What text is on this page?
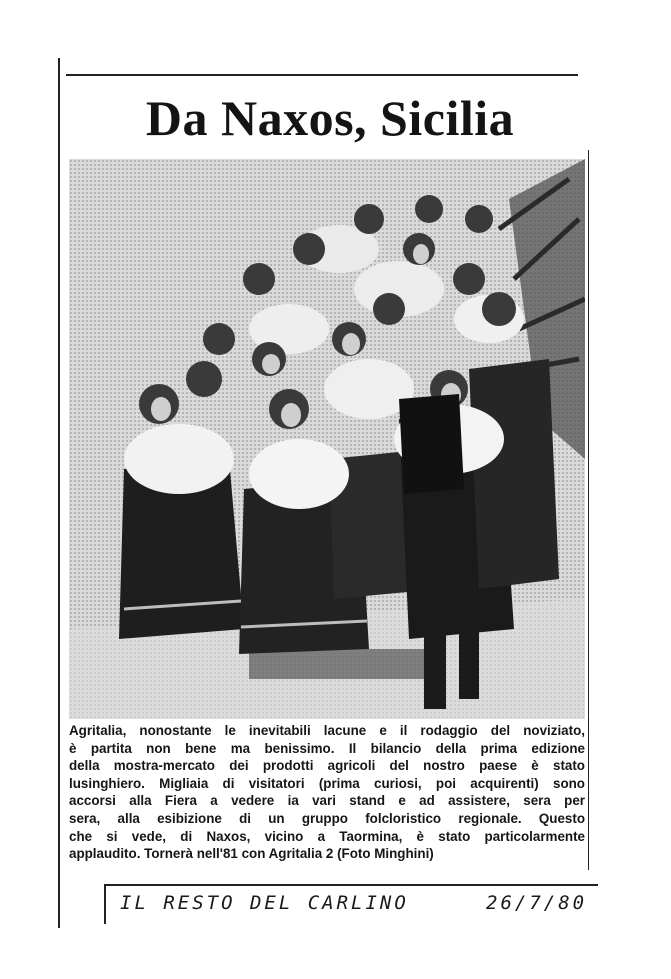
Da Naxos, Sicilia

Agritalia, nonostante le inevitabili lacune e il rodaggio del noviziato,
è partita non bene ma benissimo. Il bilancio della prima edizione
della mostra-mercato dei prodotti agricoli del nostro paese è stato
lusinghiero. Migliaia di visitatori (prima curiosi, poi acquirenti) sono
accorsi alla Fiera a vedere ia vari stand e ad assistere, sera per
sera, alla esibizione di un gruppo folcloristico regionale. Questo
che si vede, di Naxos, vicino a Taormina, è stato particolarmente
applaudito. Tornerà nell'81 con Agritalia 2 (Foto Minghini)

IL RESTO DEL CARLINO	26/7/80
